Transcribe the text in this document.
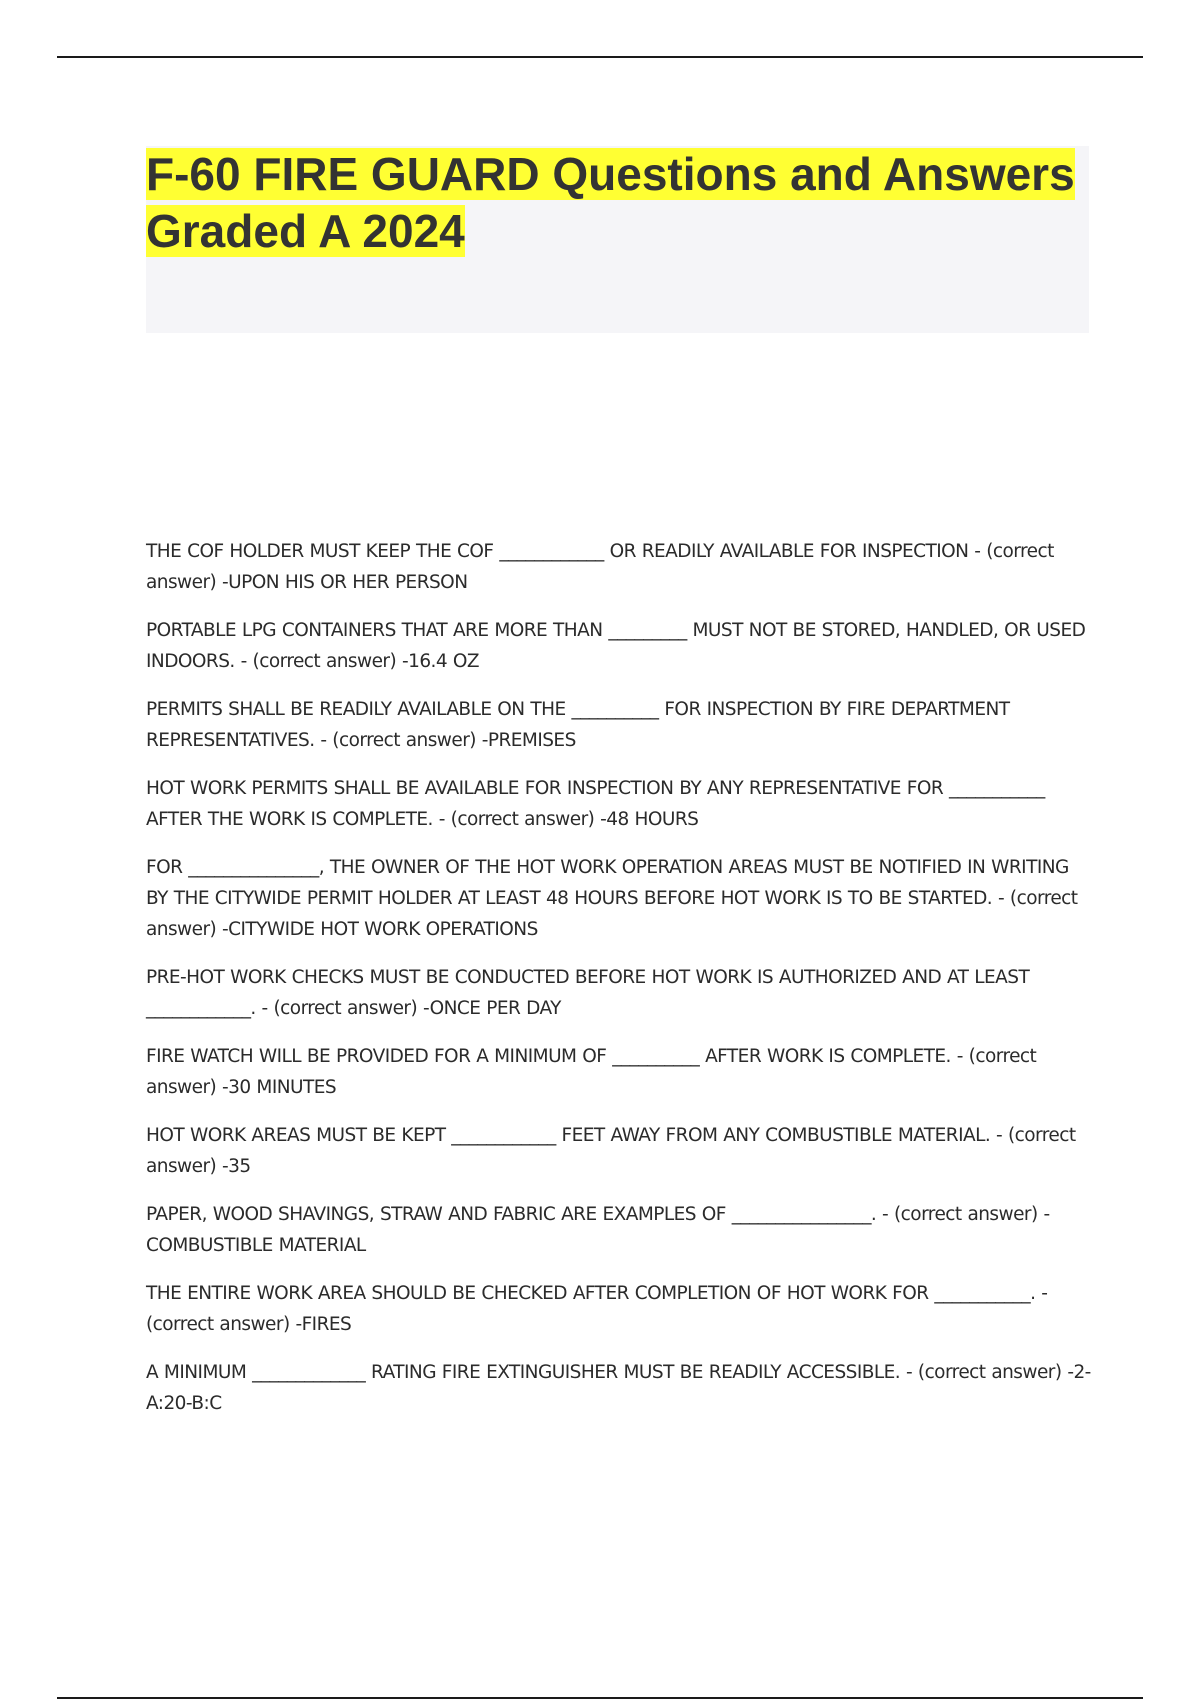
F-60 FIRE GUARD Questions and Answers Graded A 2024

THE COF HOLDER MUST KEEP THE COF ____________ OR READILY AVAILABLE FOR INSPECTION - (correct answer) -UPON HIS OR HER PERSON

PORTABLE LPG CONTAINERS THAT ARE MORE THAN _________ MUST NOT BE STORED, HANDLED, OR USED INDOORS. - (correct answer) -16.4 OZ

PERMITS SHALL BE READILY AVAILABLE ON THE __________ FOR INSPECTION BY FIRE DEPARTMENT REPRESENTATIVES. - (correct answer) -PREMISES

HOT WORK PERMITS SHALL BE AVAILABLE FOR INSPECTION BY ANY REPRESENTATIVE FOR ___________ AFTER THE WORK IS COMPLETE. - (correct answer) -48 HOURS

FOR _______________, THE OWNER OF THE HOT WORK OPERATION AREAS MUST BE NOTIFIED IN WRITING BY THE CITYWIDE PERMIT HOLDER AT LEAST 48 HOURS BEFORE HOT WORK IS TO BE STARTED. - (correct answer) -CITYWIDE HOT WORK OPERATIONS

PRE-HOT WORK CHECKS MUST BE CONDUCTED BEFORE HOT WORK IS AUTHORIZED AND AT LEAST ____________. - (correct answer) -ONCE PER DAY

FIRE WATCH WILL BE PROVIDED FOR A MINIMUM OF __________ AFTER WORK IS COMPLETE. - (correct answer) -30 MINUTES

HOT WORK AREAS MUST BE KEPT ____________ FEET AWAY FROM ANY COMBUSTIBLE MATERIAL. - (correct answer) -35

PAPER, WOOD SHAVINGS, STRAW AND FABRIC ARE EXAMPLES OF ________________. - (correct answer) -COMBUSTIBLE MATERIAL

THE ENTIRE WORK AREA SHOULD BE CHECKED AFTER COMPLETION OF HOT WORK FOR ___________. - (correct answer) -FIRES

A MINIMUM _____________ RATING FIRE EXTINGUISHER MUST BE READILY ACCESSIBLE. - (correct answer) -2-A:20-B:C
